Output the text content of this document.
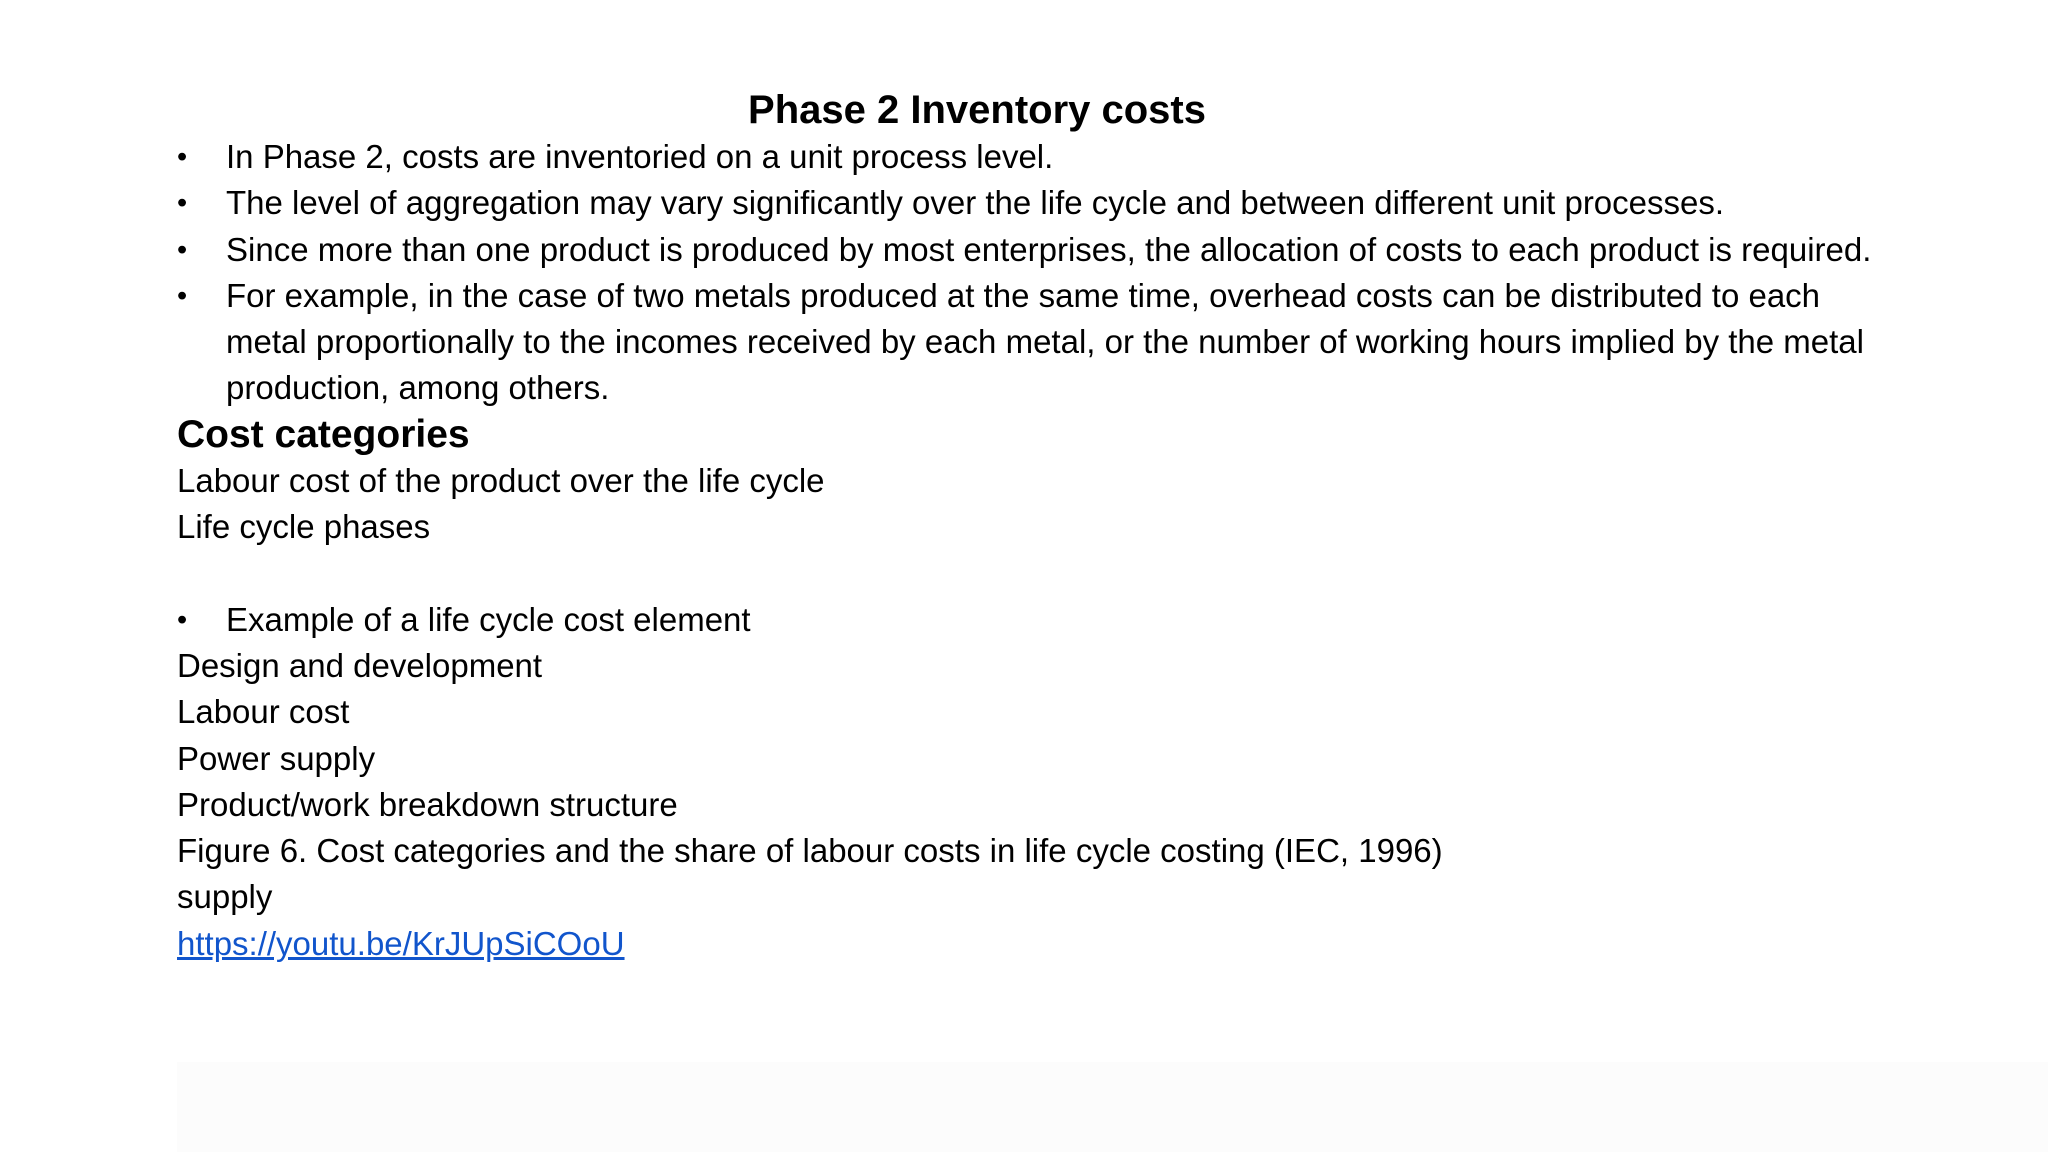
Phase 2 Inventory costs
•	In Phase 2, costs are inventoried on a unit process level.
•	The level of aggregation may vary significantly over the life cycle and between different unit processes.
•	Since more than one product is produced by most enterprises, the allocation of costs to each product is required.
•	For example, in the case of two metals produced at the same time, overhead costs can be distributed to each metal proportionally to the incomes received by each metal, or the number of working hours implied by the metal production, among others.
Cost categories

Labour cost of the product over the life cycle

Life cycle phases

•	Example of a life cycle cost element

Design and development

Labour cost

Power supply

Product/work breakdown structure

Figure 6. Cost categories and the share of labour costs in life cycle costing (IEC, 1996)

supply

https://youtu.be/KrJUpSiCOoU
